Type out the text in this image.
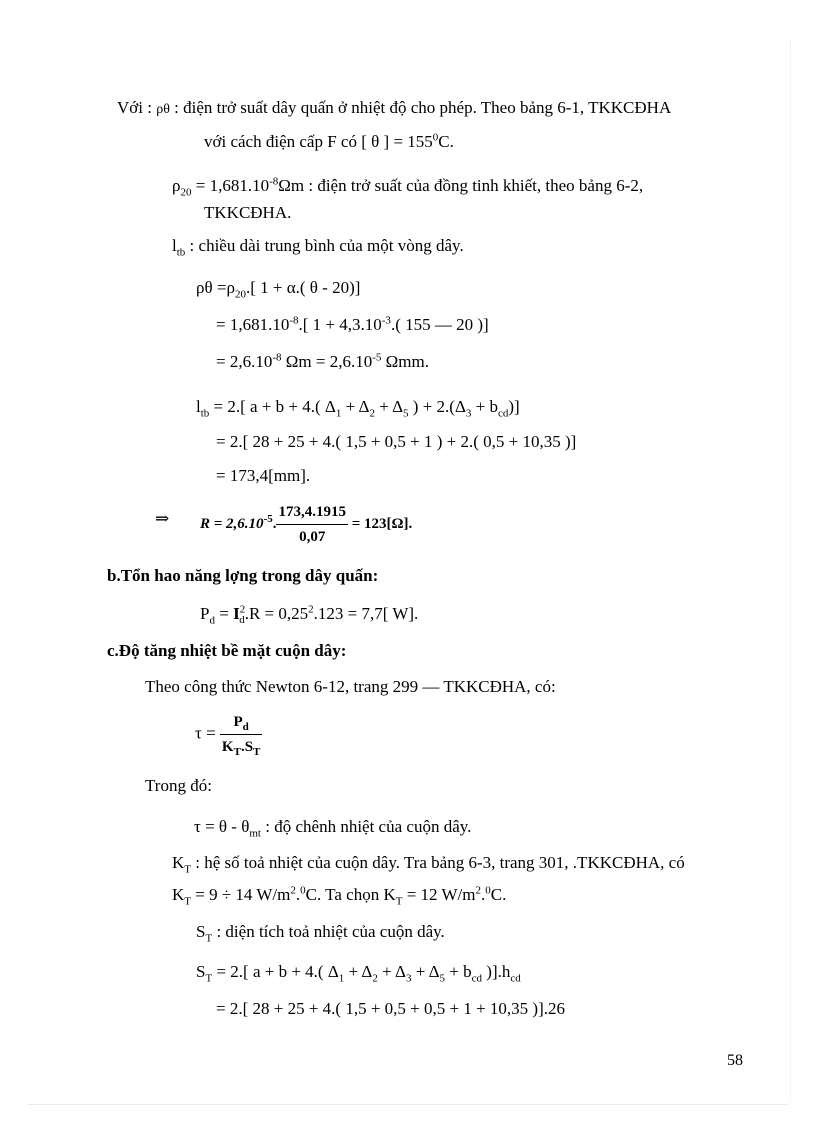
Với : ρθ : điện trở suất dây quấn ở nhiệt độ cho phép. Theo bảng 6-1, TKKCĐHA
với cách điện cấp F có [ θ ] = $155^0C$.
$\rho_{20} = 1,681.10^{-8}\Omega m$ : điện trở suất của đồng tinh khiết, theo bảng 6-2,
TKKCĐHA.
$l_{tb}$ : chiều dài trung bình của một vòng dây.
$\rho\theta =\rho_{20}$.[ 1 + α.( θ - 20)]
= $1,681.10^{-8}$.[ $1 + 4,3.10^{-3}$.( 155 — 20 )]
= $2,6.10^{-8}$ $\Omega m = 2,6.10^{-5}$ Ωmm.
$l_{tb} = 2$.[ a + b + 4.( $\Delta_1 + \Delta_2 + \Delta_5$ ) + $2.(\Delta_3 + b_{cd})$]
= 2.[ 28 + 25 + 4.( 1,5 + 0,5 + 1 ) + 2.( 0,5 + 10,35 )]
= 173,4[mm].
⇒ $R = 2,6.10^{-5}$. $\frac{173,4.1915}{0,07} = 123[\Omega]$.
b.Tổn hao năng lợng trong dây quấn:
$P_d = I^2_d.R = 0,25^2.123 = 7,7$[ W].
c.Độ tăng nhiệt bề mặt cuộn dây:
Theo công thức Newton 6-12, trang 299 — TKKCĐHA, có:
$\tau = \frac{P_d}{K_T.S_T}$
Trong đó:
$\tau = \theta - \theta_{mt}$ : độ chênh nhiệt của cuộn dây.
$K_T$ : hệ số toả nhiệt của cuộn dây. Tra bảng 6-3, trang 301, .TKKCĐHA, có
$K_T = 9 \div 14$ $W/m^2.^0C$. Ta chọn $K_T = 12$ $W/m^2.^0C$.
$S_T$ : diện tích toả nhiệt của cuộn dây.
$S_T = 2$.[ a + b + 4.( $\Delta_1 + \Delta_2 + \Delta_3 + \Delta_5 + b_{cd}$ )]$.h_{cd}$
= 2.[ 28 + 25 + 4.( 1,5 + 0,5 + 0,5 + 1 + 10,35 )].26
58
